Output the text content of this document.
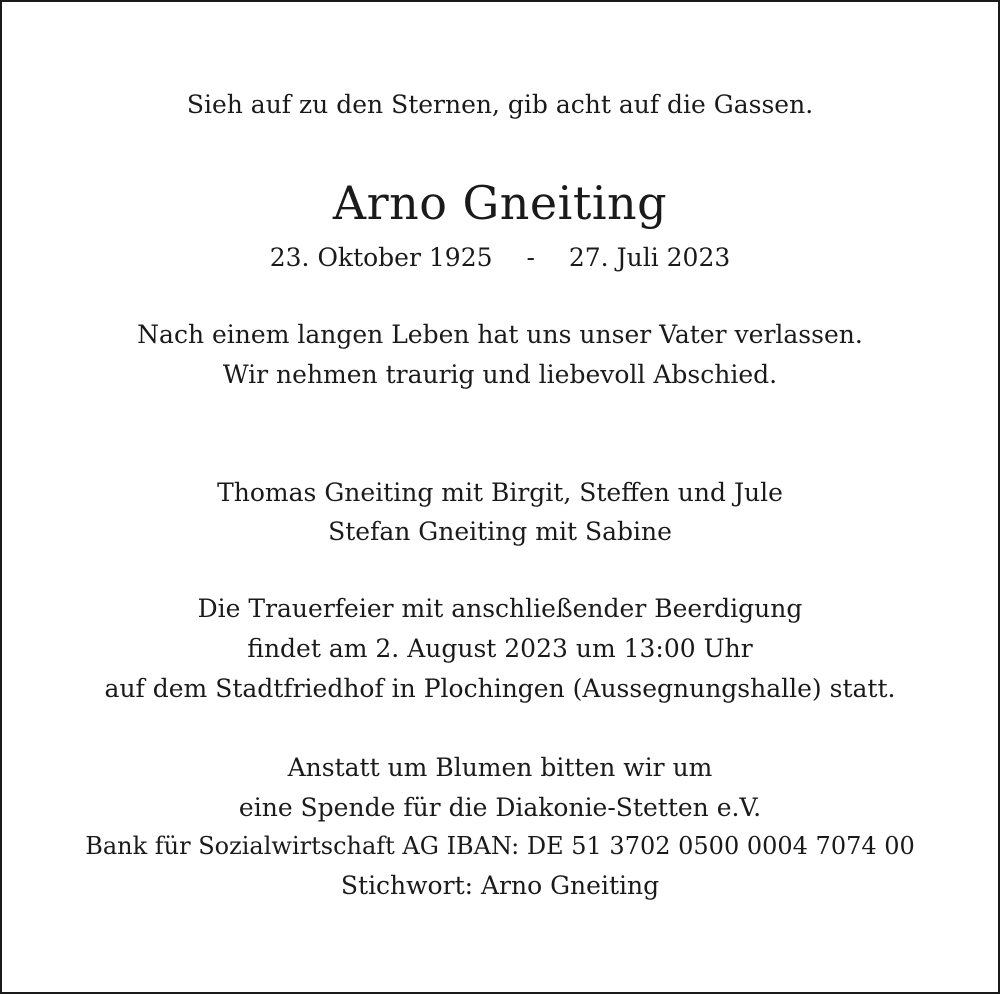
Sieh auf zu den Sternen, gib acht auf die Gassen.
Arno Gneiting
23. Oktober 1925 - 27. Juli 2023
Nach einem langen Leben hat uns unser Vater verlassen.
Wir nehmen traurig und liebevoll Abschied.
Thomas Gneiting mit Birgit, Steffen und Jule
Stefan Gneiting mit Sabine
Die Trauerfeier mit anschließender Beerdigung
findet am 2. August 2023 um 13:00 Uhr
auf dem Stadtfriedhof in Plochingen (Aussegnungshalle) statt.
Anstatt um Blumen bitten wir um
eine Spende für die Diakonie-Stetten e.V.
Bank für Sozialwirtschaft AG IBAN: DE 51 3702 0500 0004 7074 00
Stichwort: Arno Gneiting
